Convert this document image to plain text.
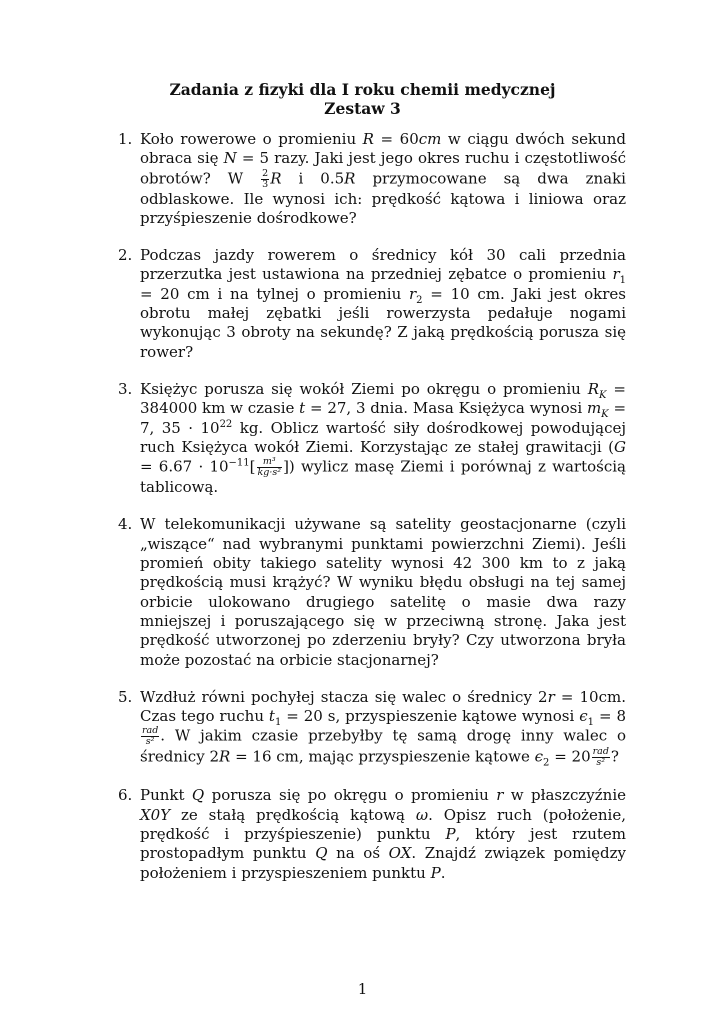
Zadania z fizyki dla I roku chemii medycznej
Zestaw 3
1. Koło rowerowe o promieniu R = 60cm w ciągu dwóch sekund obraca się N = 5 razy. Jaki jest jego okres ruchu i częstotliwość obrotów? W $\frac{2}{3}$ R i 0.5R przymocowane są dwa znaki odblaskowe. Ile wynosi ich: prędkość kątowa i liniowa oraz przyśpieszenie dośrodkowe?

2. Podczas jazdy rowerem o średnicy kół 30 cali przednia przerzutka jest ustawiona na przedniej zębatce o promieniu $r_1 = 20$ cm i na tylnej o promieniu $r_2 = 10$ cm. Jaki jest okres obrotu małej zębatki jeśli rowerzysta pedałuje nogami wykonując 3 obroty na sekundę? Z jaką prędkością porusza się rower?

3. Księżyc porusza się wokół Ziemi po okręgu o promieniu $R_K = 384000$ km w czasie t = 27, 3 dnia. Masa Księżyca wynosi $m_K = 7$, $35 \cdot 10^{22}$ kg. Oblicz wartość siły dośrodkowej powodującej ruch Księżyca wokół Ziemi. Korzystając ze stałej grawitacji ($G = 6.67 \cdot 10^{-11}[ \frac{\text{m³}}{\text{kg·s²}}$ ]) wylicz masę Ziemi i porównaj z wartością tablicową.

4. W telekomunikacji używane są satelity geostacjonarne (czyli „wiszące“ nad wybranymi punktami powierzchni Ziemi). Jeśli promień obity takiego satelity wynosi 42 300 km to z jaką prędkością musi krążyć? W wyniku błędu obsługi na tej samej orbicie ulokowano drugiego satelitę o masie dwa razy mniejszej i poruszającego się w przeciwną stronę. Jaka jest prędkość utworzonej po zderzeniu bryły? Czy utworzona bryła może pozostać na orbicie stacjonarnej?

5. Wzdłuż równi pochyłej stacza się walec o średnicy 2r = 10cm. Czas tego ruchu $t_1 = 20$ s, przyspieszenie kątowe wynosi $\epsilon_1 = 8$
$\frac{\text{rad}}{\text{s²}}$ . W jakim czasie przebyłby tę samą drogę inny walec o średnicy 2R = 16 cm, mając przyspieszenie kątowe $\epsilon_2 = 20 \frac{\text{rad}}{\text{s²}}$ ?

6. Punkt Q porusza się po okręgu o promieniu r w płaszczyźnie X0Y ze stałą prędkością kątową ω. Opisz ruch (położenie, prędkość i przyśpieszenie) punktu P, który jest rzutem prostopadłym punktu Q na oś OX. Znajdź związek pomiędzy położeniem i przyspieszeniem punktu P.

1
